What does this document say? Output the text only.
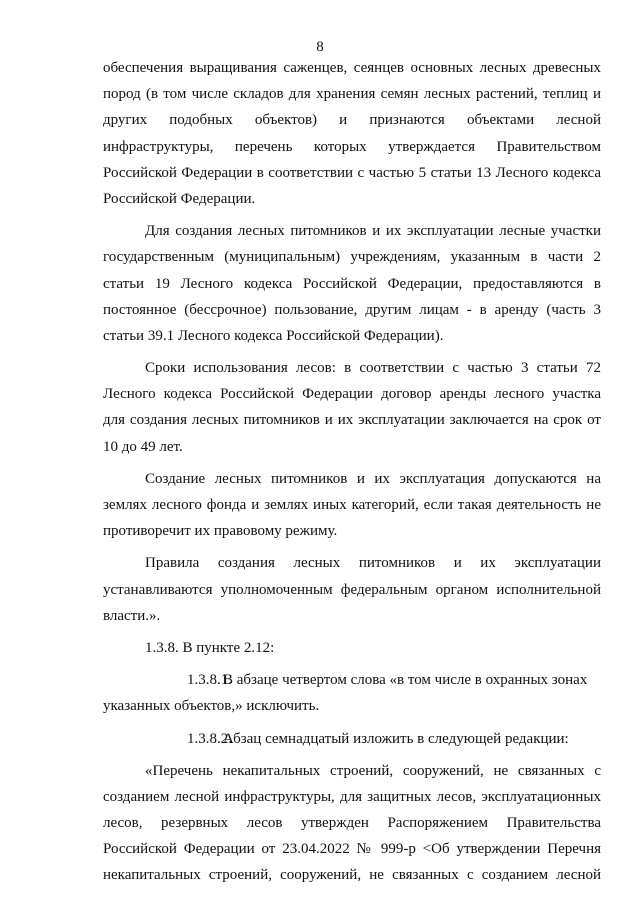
8
обеспечения выращивания саженцев, сеянцев основных лесных древесных
пород (в том числе складов для хранения семян лесных растений, теплиц и
других подобных объектов) и признаются объектами лесной
инфраструктуры, перечень которых утверждается Правительством
Российской Федерации в соответствии с частью 5 статьи 13 Лесного кодекса
Российской Федерации.
Для создания лесных питомников и их эксплуатации лесные участки
государственным (муниципальным) учреждениям, указанным в части 2
статьи 19 Лесного кодекса Российской Федерации, предоставляются в
постоянное (бессрочное) пользование, другим лицам - в аренду (часть 3
статьи 39.1 Лесного кодекса Российской Федерации).
Сроки использования лесов: в соответствии с частью 3 статьи 72
Лесного кодекса Российской Федерации договор аренды лесного участка
для создания лесных питомников и их эксплуатации заключается на срок от
10 до 49 лет.
Создание лесных питомников и их эксплуатация допускаются на
землях лесного фонда и землях иных категорий, если такая деятельность не
противоречит их правовому режиму.
Правила создания лесных питомников и их эксплуатации
устанавливаются уполномоченным федеральным органом исполнительной
власти.».
1.3.8. В пункте 2.12:
1.3.8.1.В абзаце четвертом слова «в том числе в охранных зонах
указанных объектов,» исключить.
1.3.8.2.Абзац семнадцатый изложить в следующей редакции:
«Перечень некапитальных строений, сооружений, не связанных с
созданием лесной инфраструктуры, для защитных лесов, эксплуатационных
лесов, резервных лесов утвержден Распоряжением Правительства
Российской Федерации от 23.04.2022 № 999-р <Об утверждении Перечня
некапитальных строений, сооружений, не связанных с созданием лесной
